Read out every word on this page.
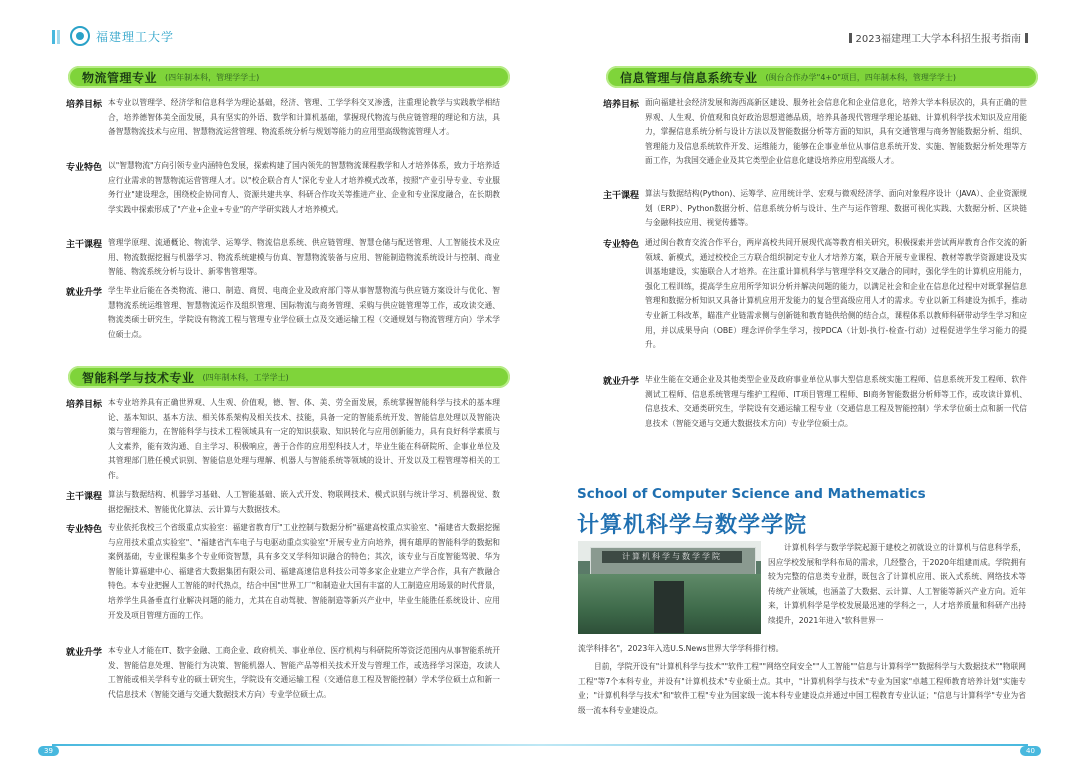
福建理工大学
物流管理专业 (四年制本科，管理学学士)
培养目标 本专业以管理学、经济学和信息科学为理论基础，经济、管理、工学学科交叉渗透，注重理论教学与实践教学相结合，培养德智体美全面发展，具有坚实的外语、数学和计算机基础，掌握现代物流与供应链管理的理论和方法，具备智慧物流技术与应用、智慧物流运营管理、物流系统分析与规划等能力的应用型高级物流管理人才。
专业特色 以"智慧物流"方向引领专业内涵特色发展，探索构建了国内领先的智慧物流课程教学和人才培养体系，致力于培养适应行业需求的智慧物流运营管理人才。以"校企联合育人"深化专业人才培养模式改革，按照"产业引导专业、专业服务行业"建设理念，围绕校企协同育人、资源共建共享、科研合作攻关等推进产业、企业和专业深度融合，在长期教学实践中探索形成了"产业+企业+专业"的产学研实践人才培养模式。
主干课程 管理学原理、流通概论、物流学、运筹学、物流信息系统、供应链管理、智慧仓储与配送管理、人工智能技术及应用、物流数据挖掘与机器学习、物流系统建模与仿真、智慧物流装备与应用、智能制造物流系统设计与控制、商业智能、物流系统分析与设计、新零售管理等。
就业升学 学生毕业后能在各类物流、港口、制造、商贸、电商企业及政府部门等从事智慧物流与供应链方案设计与优化、智慧物流系统运维管理、智慧物流运作及组织管理、国际物流与商务管理、采购与供应链管理等工作，或攻读交通、物流类硕士研究生，学院设有物流工程与管理专业学位硕士点及交通运输工程（交通规划与物流管理方向）学术学位硕士点。
智能科学与技术专业 (四年制本科，工学学士)
培养目标 本专业培养具有正确世界观、人生观、价值观，德、智、体、美、劳全面发展，系统掌握智能科学与技术的基本理论、基本知识、基本方法、相关体系架构及相关技术、技能，具备一定的智能系统开发、智能信息处理以及智能决策与管理能力，在智能科学与技术工程领域具有一定的知识获取、知识转化与应用创新能力，具有良好科学素质与人文素养，能有效沟通、自主学习、积极响应，善于合作的应用型科技人才，毕业生能在科研院所、企事业单位及其管理部门胜任模式识别、智能信息处理与理解、机器人与智能系统等领域的设计、开发以及工程管理等相关的工作。
主干课程 算法与数据结构、机器学习基础、人工智能基础、嵌入式开发、物联网技术、模式识别与统计学习、机器视觉、数据挖掘技术、智能优化算法、云计算与大数据技术。
专业特色 专业依托我校三个省级重点实验室：福建省教育厅"工业控制与数据分析"福建高校重点实验室、"福建省大数据挖掘与应用技术重点实验室"、"福建省汽车电子与电驱动重点实验室"开展专业方向培养，拥有雄厚的智能科学的数据和案例基础，专业课程集多个专业师资智慧，具有多交叉学科知识融合的特色；其次，该专业与百度智能驾驶、华为智能计算福建中心、福建省大数据集团有限公司、福建高速信息科技公司等多家企业建立产学合作，具有产教融合特色。本专业把握人工智能的时代热点，结合中国"世界工厂"和制造业大国有丰富的人工制造应用场景的时代背景，培养学生具备垂直行业解决问题的能力，尤其在自动驾驶、智能制造等新兴产业中，毕业生能胜任系统设计、应用开发及项目管理方面的工作。
就业升学 本专业人才能在IT、数字金融、工商企业、政府机关、事业单位、医疗机构与科研院所等资泛范围内从事智能系统开发、智能信息处理、智能行为决策、智能机器人、智能产品等相关技术开发与管理工作，或选择学习深造，攻读人工智能或相关学科专业的硕士研究生，学院设有交通运输工程（交通信息工程及智能控制）学术学位硕士点和新一代信息技术（智能交通与交通大数据技术方向）专业学位硕士点。
39
2023福建理工大学本科招生报考指南
信息管理与信息系统专业 (闽台合作办学"4+0"项目，四年制本科，管理学学士)
培养目标 面向福建社会经济发展和海西高新区建设、服务社会信息化和企业信息化，培养大学本科层次的，具有正确的世界观、人生观、价值观和良好政治思想道德品质，培养具备现代管理学理论基础、计算机科学技术知识及应用能力，掌握信息系统分析与设计方法以及智能数据分析等方面的知识，具有交通管理与商务智能数据分析、组织、管理能力及信息系统软件开发、运维能力，能够在企事业单位从事信息系统开发、实施、智能数据分析处理等方面工作，为我国交通企业及其它类型企业信息化建设培养应用型高级人才。
主干课程 算法与数据结构(Python)、运筹学、应用统计学、宏观与微观经济学、面向对象程序设计（JAVA）、企业资源规划（ERP）、Python数据分析、信息系统分析与设计、生产与运作管理、数据可视化实践、大数据分析、区块链与金融科技应用、视觉传播等。
专业特色 通过闽台教育交流合作平台，两岸高校共同开展现代高等教育相关研究，积极探索并尝试两岸教育合作交流的新领域、新模式，通过校校企三方联合组织制定专业人才培养方案，联合开展专业课程、教材等教学资源建设及实训基地建设，实施联合人才培养。在注重计算机科学与管理学科交叉融合的同时，强化学生的计算机应用能力，强化工程训练，提高学生应用所学知识分析并解决问题的能力，以满足社会和企业在信息化过程中对既掌握信息管理和数据分析知识又具备计算机应用开发能力的复合型高级应用人才的需求。专业以新工科建设为抓手，推动专业新工科改革，瞄准产业链需求侧与创新链和教育链供给侧的结合点，课程体系以教师科研带动学生学习和应用，并以成果导向（OBE）理念评价学生学习，按PDCA（计划-执行-检查-行动）过程促进学生学习能力的提升。
就业升学 毕业生能在交通企业及其他类型企业及政府事业单位从事大型信息系统实施工程师、信息系统开发工程师、软件测试工程师、信息系统管理与维护工程师、IT项目管理工程师、BI商务智能数据分析师等工作，或攻读计算机、信息技术、交通类研究生，学院设有交通运输工程专业（交通信息工程及智能控制）学术学位硕士点和新一代信息技术（智能交通与交通大数据技术方向）专业学位硕士点。
School of Computer Science and Mathematics
计算机科学与数学学院
计算机科学与数学学院
计算机科学与数学学院起源于建校之初就设立的计算机与信息科学系，因应学校发展和学科布局的需求，几经整合，于2020年组建而成。学院拥有较为完整的信息类专业群，既包含了计算机应用、嵌入式系统、网络技术等传统产业领域，也涵盖了大数据、云计算、人工智能等新兴产业方向。近年来，计算机科学是学校发展最迅速的学科之一，人才培养质量和科研产出持续提升，2021年进入"软科世界一
流学科排名"，2023年入选U.S.News世界大学学科排行榜。
目前，学院开设有"计算机科学与技术""软件工程""网络空间安全""人工智能""信息与计算科学""数据科学与大数据技术""物联网工程"等7个本科专业，并设有"计算机技术"专业硕士点。其中，"计算机科学与技术"专业为国家"卓越工程师教育培养计划"实施专业；"计算机科学与技术"和"软件工程"专业为国家级一流本科专业建设点并通过中国工程教育专业认证；"信息与计算科学"专业为省级一流本科专业建设点。
40
